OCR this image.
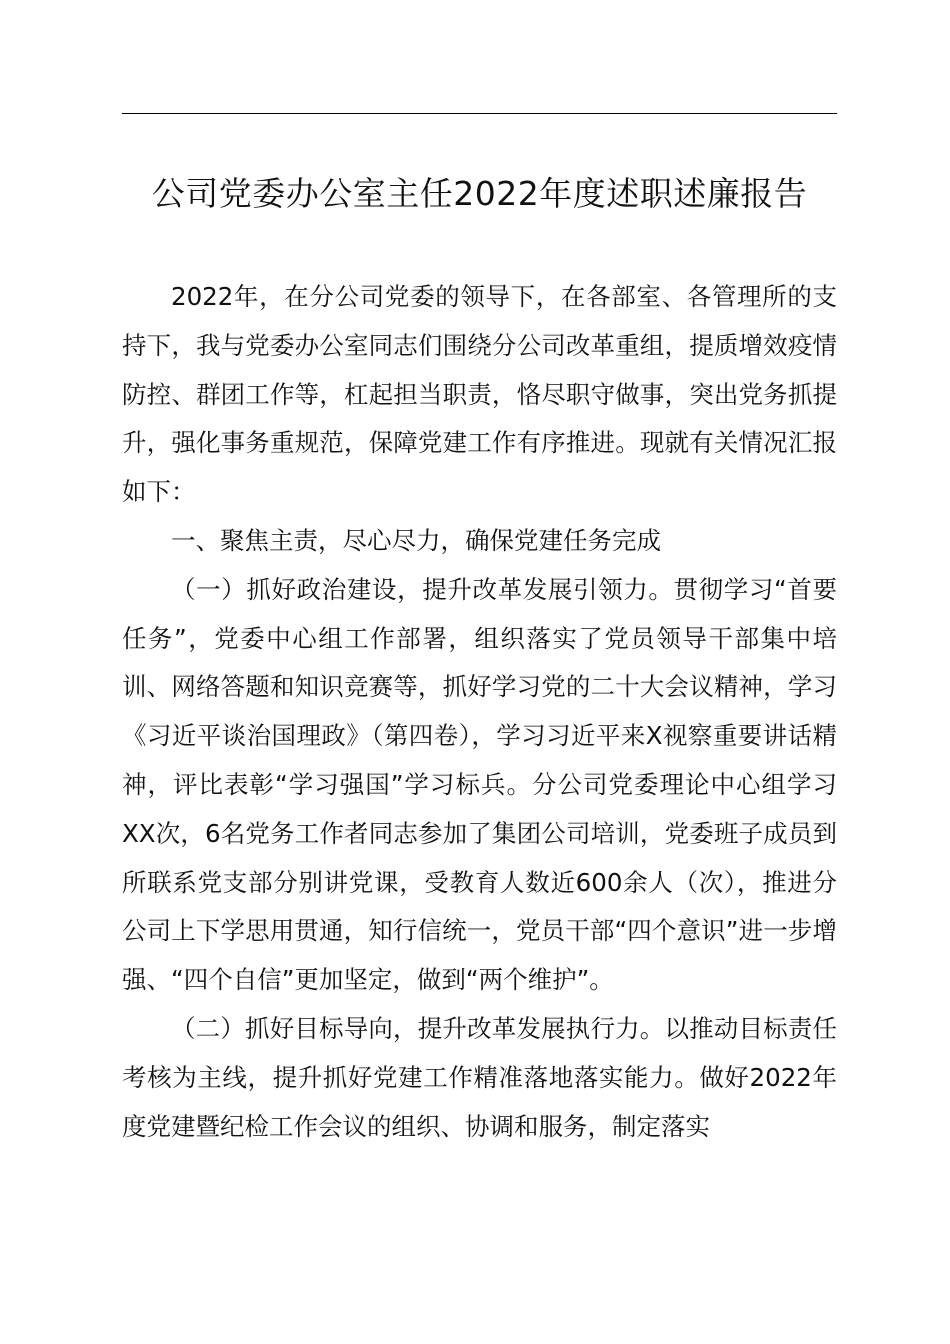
公司党委办公室主任2022年度述职述廉报告

2022年，在分公司党委的领导下，在各部室、各管理所的支持下，我与党委办公室同志们围绕分公司改革重组，提质增效疫情防控、群团工作等，杠起担当职责，恪尽职守做事，突出党务抓提升，强化事务重规范，保障党建工作有序推进。现就有关情况汇报如下：

一、聚焦主责，尽心尽力，确保党建任务完成

（一）抓好政治建设，提升改革发展引领力。贯彻学习“首要任务”，党委中心组工作部署，组织落实了党员领导干部集中培训、网络答题和知识竞赛等，抓好学习党的二十大会议精神，学习《习近平谈治国理政》（第四卷），学习习近平来X视察重要讲话精神，评比表彰“学习强国”学习标兵。分公司党委理论中心组学习XX次，6名党务工作者同志参加了集团公司培训，党委班子成员到所联系党支部分别讲党课，受教育人数近600余人（次），推进分公司上下学思用贯通，知行信统一，党员干部“四个意识”进一步增强、“四个自信”更加坚定，做到“两个维护”。

（二）抓好目标导向，提升改革发展执行力。以推动目标责任考核为主线，提升抓好党建工作精准落地落实能力。做好2022年度党建暨纪检工作会议的组织、协调和服务，制定落实
